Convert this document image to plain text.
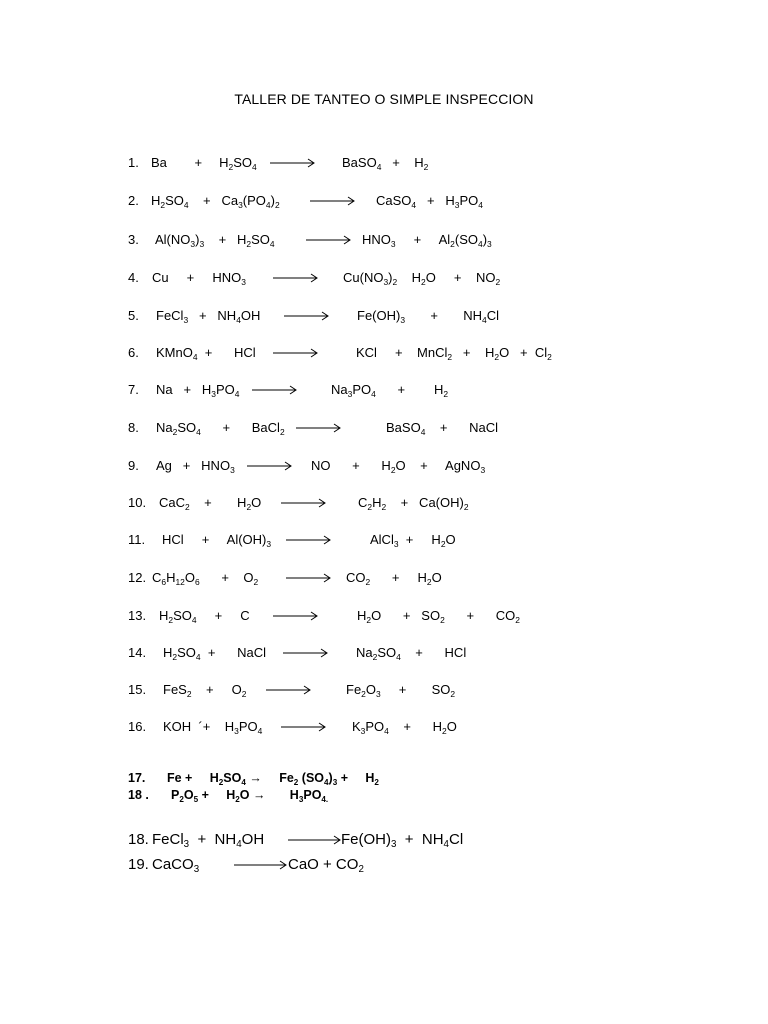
TALLER DE TANTEO O SIMPLE INSPECCION

1.

$Ba + H_2SO_4$

→
BaSO$_4$   +    $H_2$

2.

$H_2SO_4$    +   $Ca_3(PO_4)_2$

	CaSO$_4$   +   $H_3PO_4$

3.

$Al(NO_3)_3$    +   $H_2SO_4$

→
$HNO_3$     +     $Al_2(SO_4)_3$

4.

Cu     +     $HNO_3$

	$Cu(NO_3)_2$    $H_2O$     +    $NO_2$

5.

FeCl$_3$   +   $NH_4OH$

	$Fe(OH)_3$       +       $NH_4Cl$

6.

KMnO$_4$  +      HCl

→
	KCl     +    MnCl$_2$   +    $H_2O + Cl_2$

7.

$Na + H_3PO_4$

→
	$Na_3PO_4$      +        $H_2$

8.

$Na_2SO_4$      +      BaCl$_2$

→
	BaSO$_4$    +      NaCl

9.

$Ag + HNO_3$

→
NO      +      $H_2O$    +     AgNO$_3$

10.

CaC$_2$    +       $H_2O$

	$C_2H_2$    +   $Ca(OH)_2$

11.

HCl     +     $Al(OH)_3$

→
	AlCl$_3$  +     $H_2O$

12.

$C_6H_{12}O_6$      +    $O_2$

→
$CO_2$      +     $H_2O$

13.

$H_2SO_4$     +     C

	$H_2O$      +   $SO_2$      +      $CO_2$

14.

$H_2SO_4$  +      NaCl

→
$Na_2SO_4$    +      HCl

15.

FeS$_2$    +     $O_2$

	$Fe_2O_3$     +       $SO_2$

16.

KOH  ´+    $H_3PO_4$

→
$K_3PO_4$    +      $H_2O$

17.

Fe +     $H_2SO_4$ →     $Fe_2$ $(SO_4)_3$ +     $H_2$

18 .

$P_2O_5$ +     $H_2O$ →       $H_3PO_{4.}$

18.

FeCl$_3$  +  $NH_4OH$

→
$Fe(OH)_3 + NH_4Cl$

19.

CaCO$_3$

→
CaO + $CO_2$
